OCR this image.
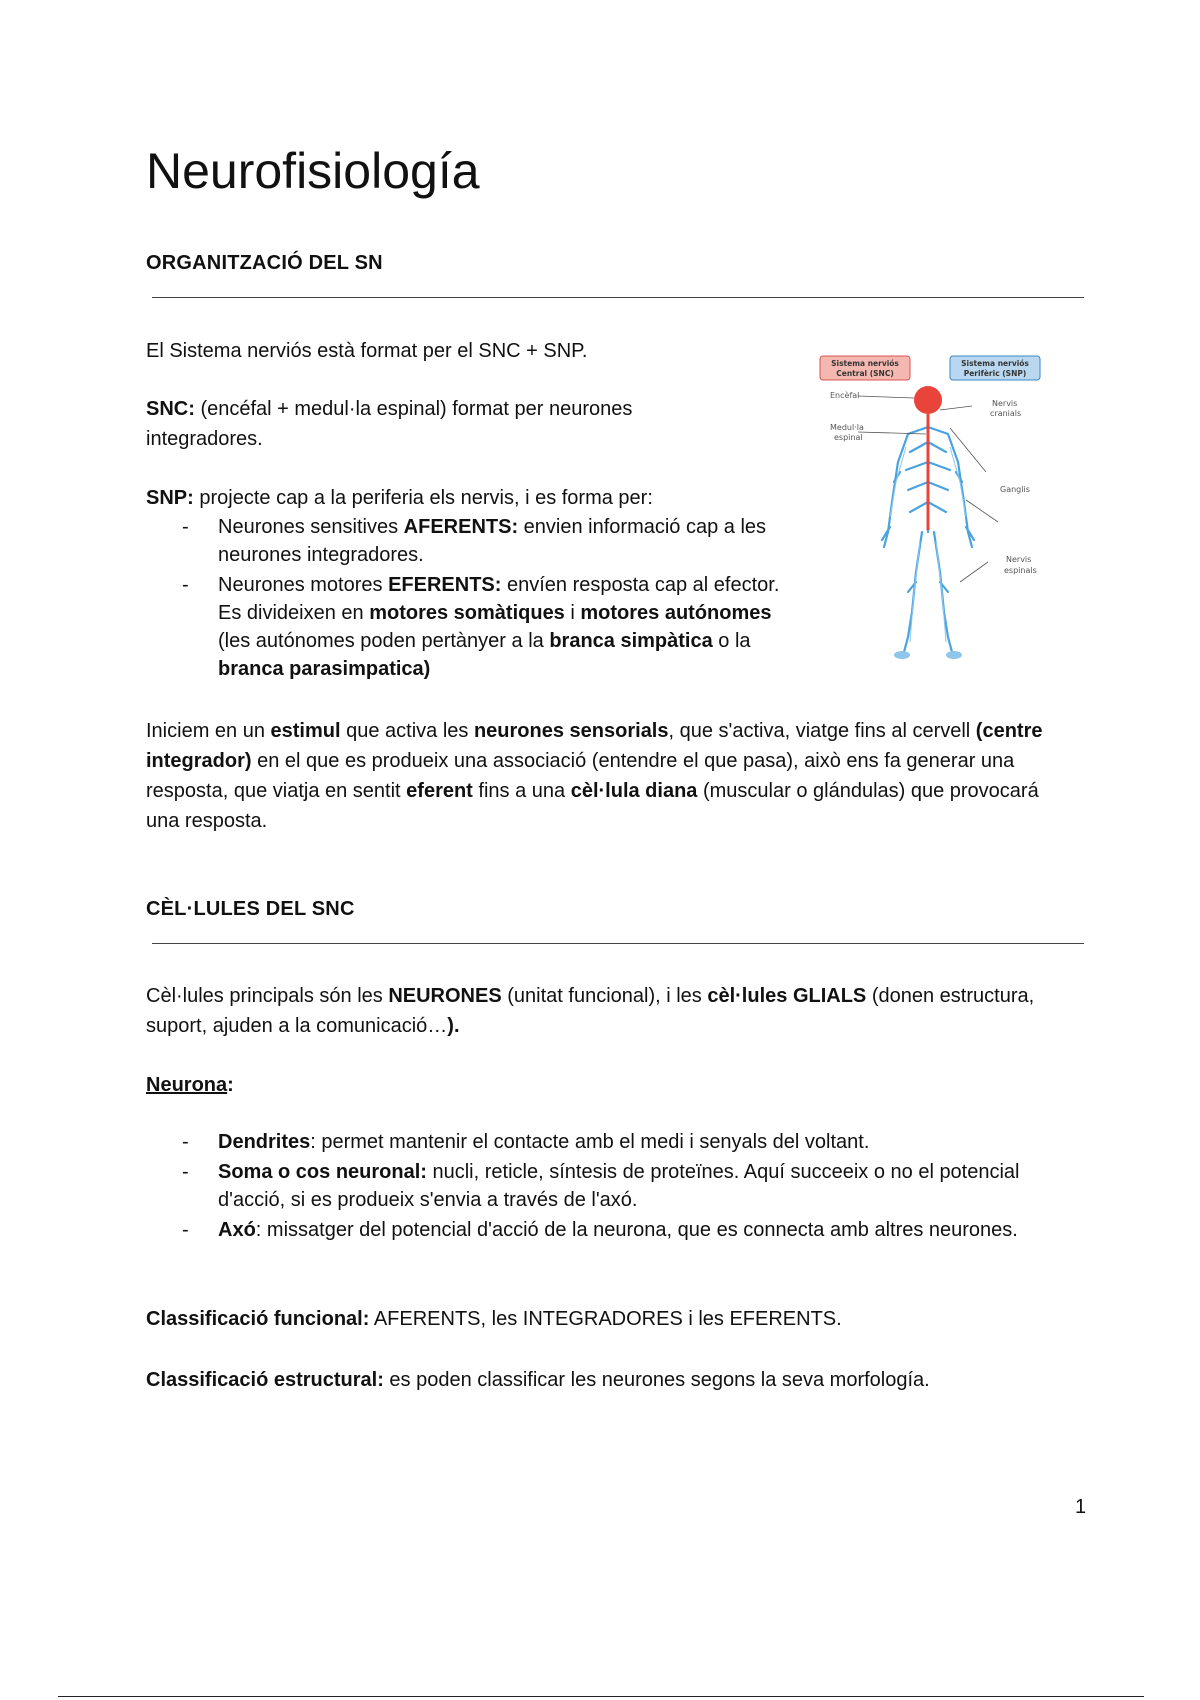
Neurofisiología
ORGANITZACIÓ DEL SN

El Sistema nerviós està format per el SNC + SNP.

SNC: (encéfal + medul·la espinal) format per neurones integradores.

SNP: projecte cap a la periferia els nervis, i es forma per:

- Neurones sensitives AFERENTS: envien informació cap a les neurones integradores.
- Neurones motores EFERENTS: envíen resposta cap al efector. Es divideixen en motores somàtiques i motores autónomes (les autónomes poden pertànyer a la branca simpàtica o la branca parasimpatica)
Sistema nerviós
Central (SNC)
Sistema nerviós
Perifèric (SNP)
Encèfal
Medul·la
espinal
Nervis
cranials
Ganglis
Nervis
espinals

Iniciem en un estimul que activa les neurones sensorials, que s'activa, viatge fins al cervell (centre integrador) en el que es produeix una associació (entendre el que pasa), això ens fa generar una resposta, que viatja en sentit eferent fins a una cèl·lula diana (muscular o glándulas) que provocará una resposta.

CÈL·LULES DEL SNC

Cèl·lules principals són les NEURONES (unitat funcional), i les cèl·lules GLIALS (donen estructura, suport, ajuden a la comunicació…).

Neurona:

- Dendrites: permet mantenir el contacte amb el medi i senyals del voltant.
- Soma o cos neuronal: nucli, reticle, síntesis de proteïnes. Aquí succeeix o no el potencial d'acció, si es produeix s'envia a través de l'axó.
- Axó: missatger del potencial d'acció de la neurona, que es connecta amb altres neurones.

Classificació funcional: AFERENTS, les INTEGRADORES i les EFERENTS.

Classificació estructural: es poden classificar les neurones segons la seva morfología.

1
